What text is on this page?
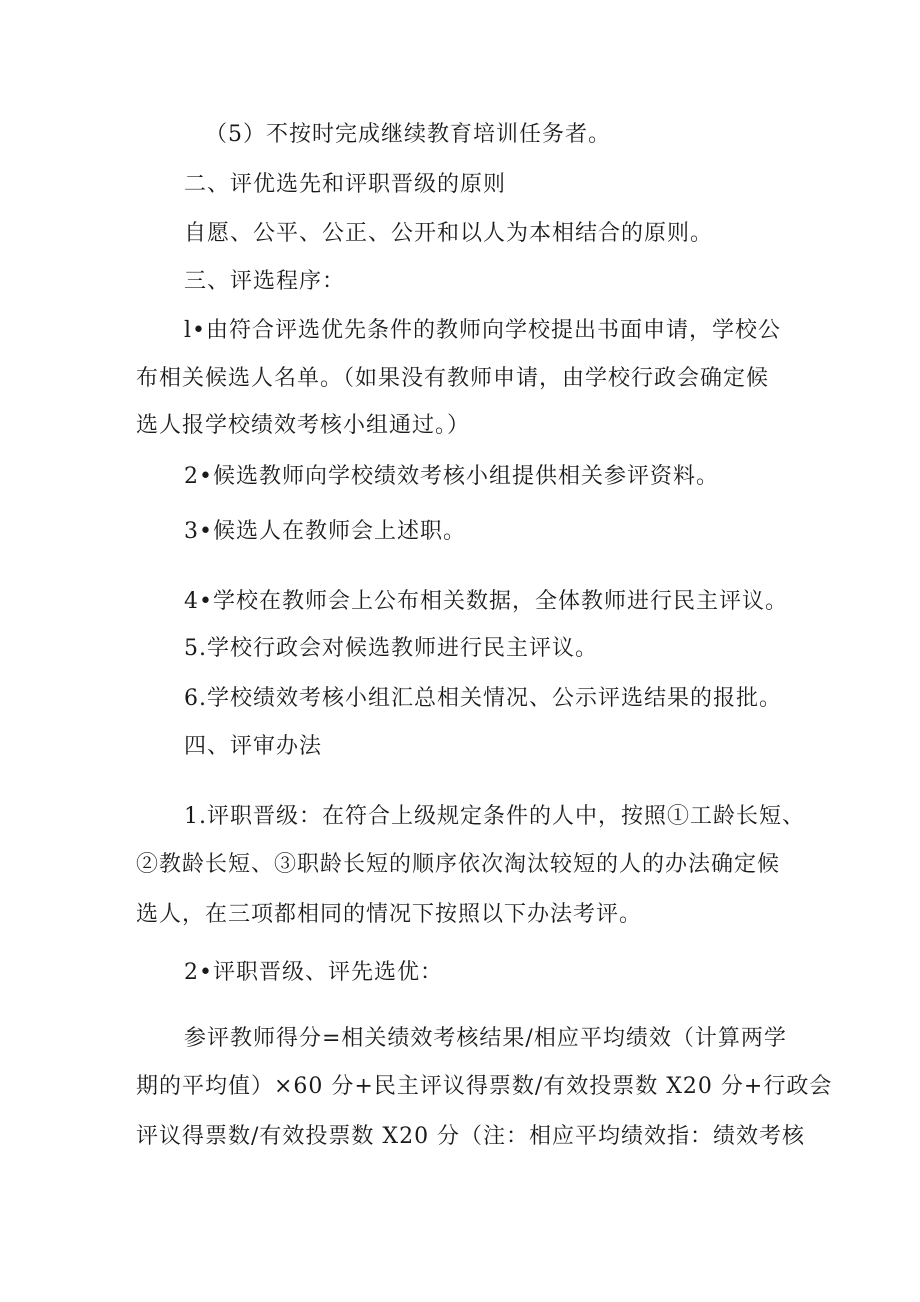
（5）不按时完成继续教育培训任务者。
二、评优选先和评职晋级的原则
自愿、公平、公正、公开和以人为本相结合的原则。
三、评选程序：
l•由符合评选优先条件的教师向学校提出书面申请，学校公
布相关候选人名单。（如果没有教师申请，由学校行政会确定候
选人报学校绩效考核小组通过。）
2•候选教师向学校绩效考核小组提供相关参评资料。
3•候选人在教师会上述职。
4•学校在教师会上公布相关数据，全体教师进行民主评议。
5.学校行政会对候选教师进行民主评议。
6.学校绩效考核小组汇总相关情况、公示评选结果的报批。
四、评审办法
1.评职晋级：在符合上级规定条件的人中，按照①工龄长短、
②教龄长短、③职龄长短的顺序依次淘汰较短的人的办法确定候
选人，在三项都相同的情况下按照以下办法考评。
2•评职晋级、评先选优：
参评教师得分=相关绩效考核结果/相应平均绩效（计算两学
期的平均值）×60 分+民主评议得票数/有效投票数 X20 分+行政会
评议得票数/有效投票数 X20 分（注：相应平均绩效指：绩效考核
